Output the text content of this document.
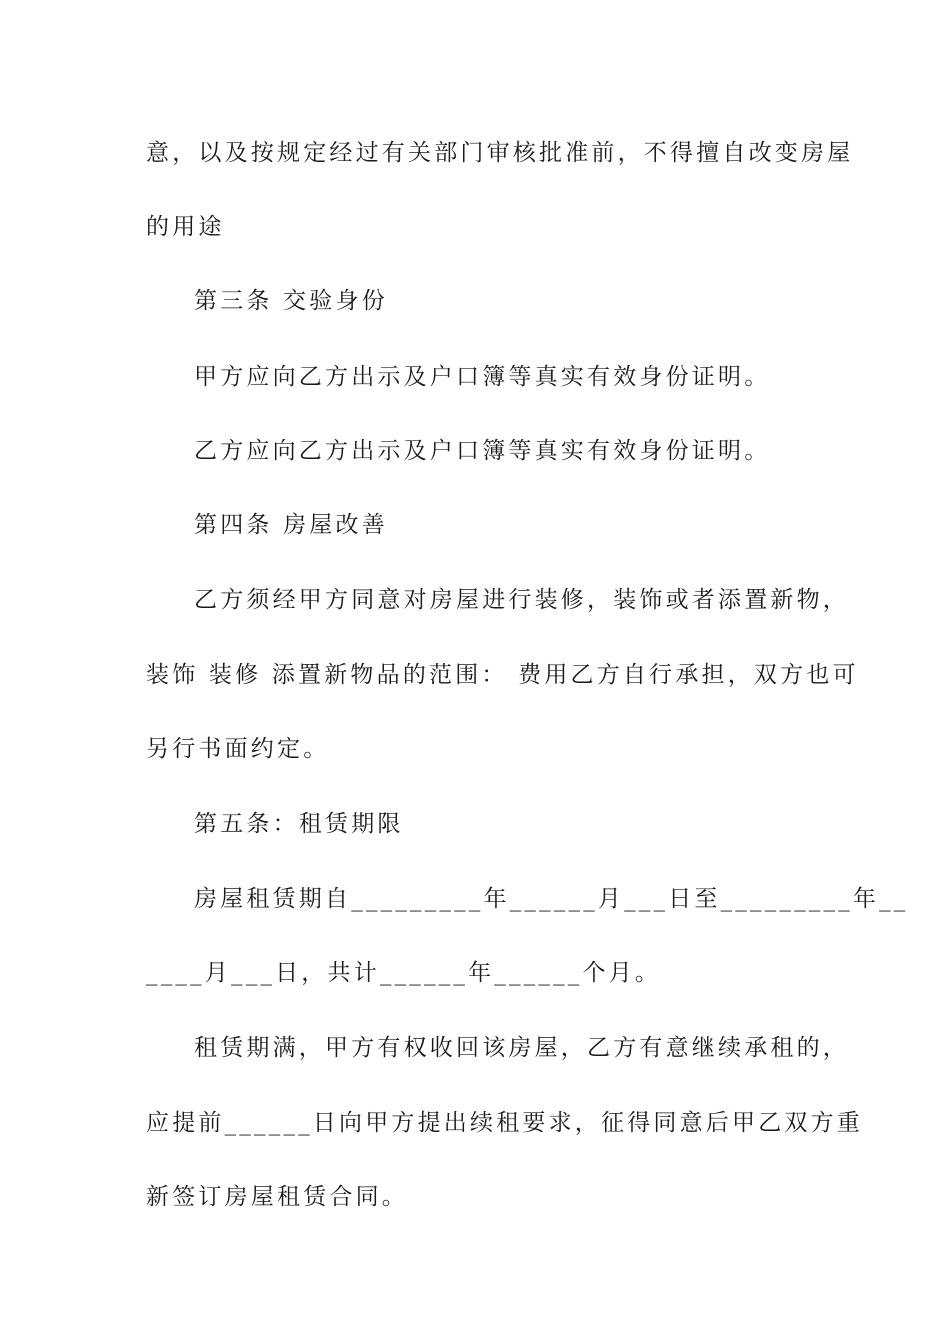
意，以及按规定经过有关部门审核批准前，不得擅自改变房屋
的用途
第三条 交验身份
甲方应向乙方出示及户口簿等真实有效身份证明。
乙方应向乙方出示及户口簿等真实有效身份证明。
第四条 房屋改善
乙方须经甲方同意对房屋进行装修，装饰或者添置新物，
装饰 装修 添置新物品的范围： 费用乙方自行承担，双方也可
另行书面约定。
第五条：租赁期限
房屋租赁期自_________年______月___日至_________年__
____月___日，共计______年______个月。
租赁期满，甲方有权收回该房屋，乙方有意继续承租的，
应提前______日向甲方提出续租要求，征得同意后甲乙双方重
新签订房屋租赁合同。
